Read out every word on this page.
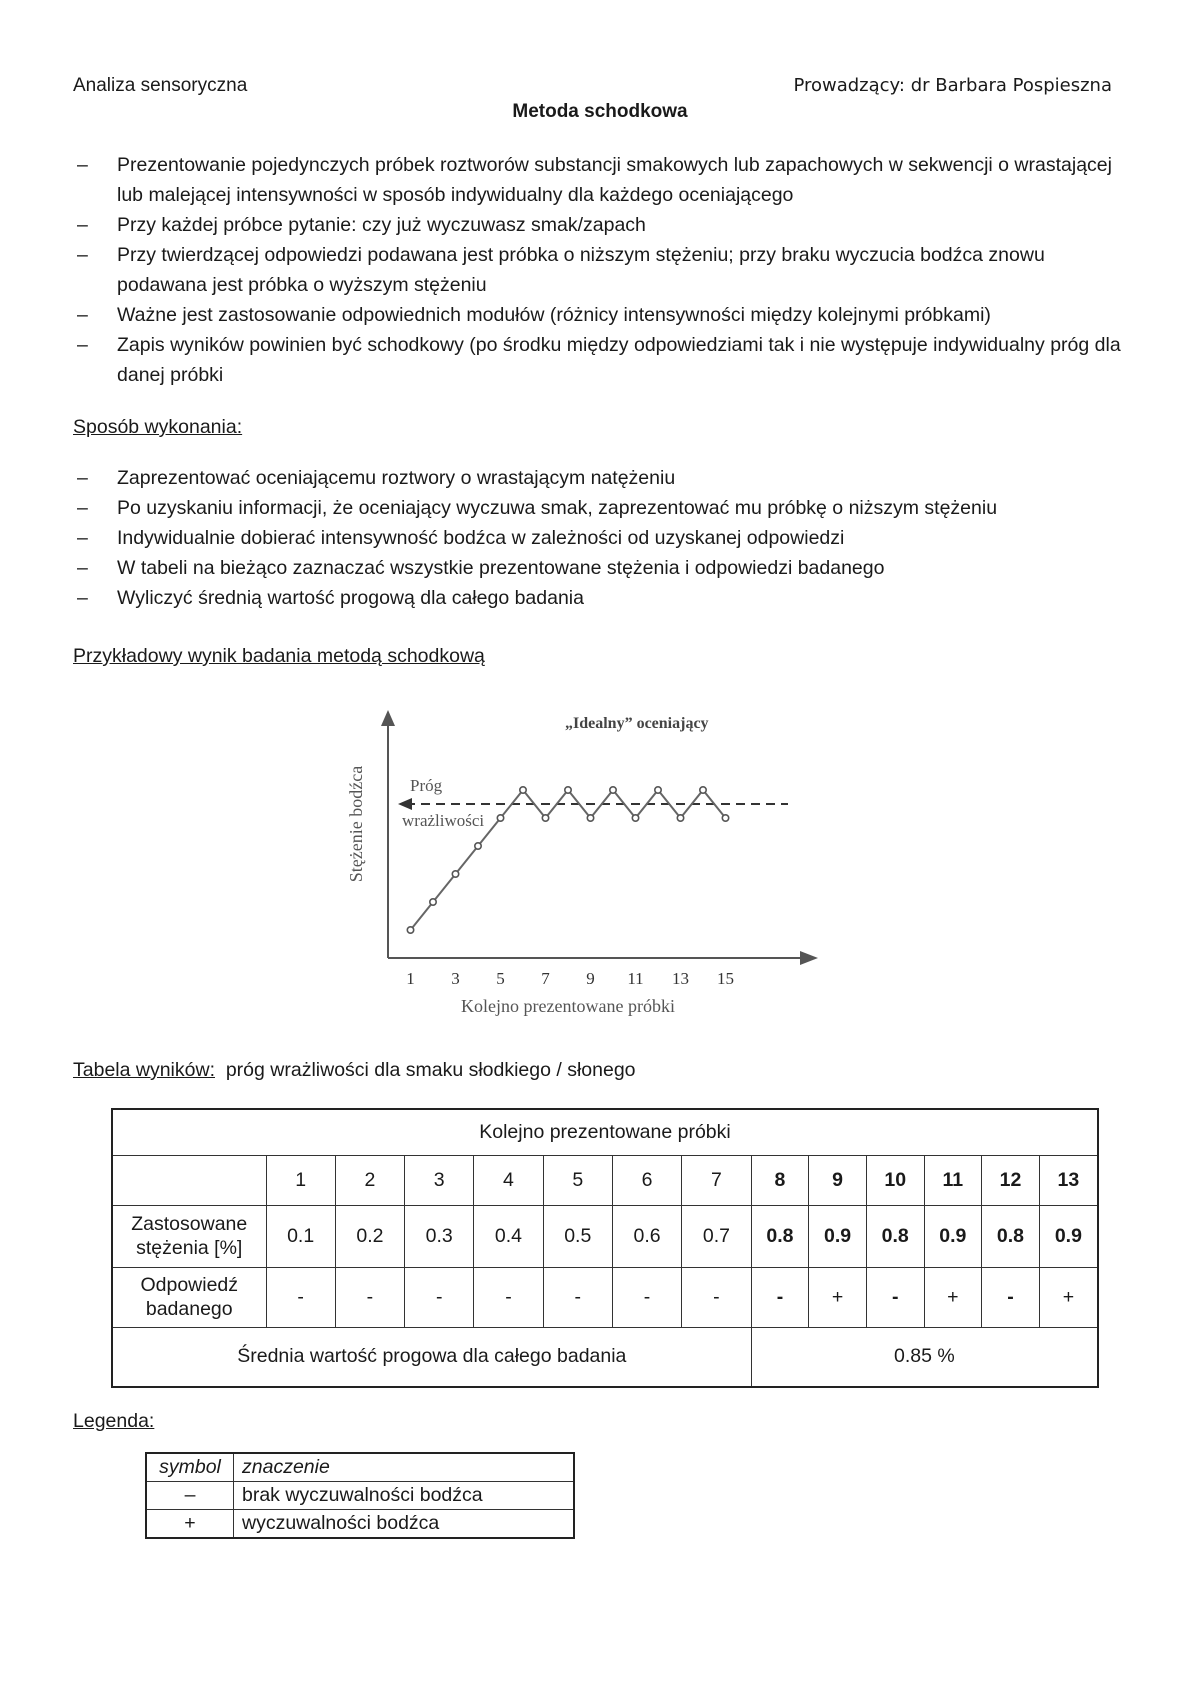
Analiza sensoryczna	Prowadzący: dr Barbara Pospieszna
Metoda schodkowa
– Prezentowanie pojedynczych próbek roztworów substancji smakowych lub zapachowych w sekwencji o wrastającej lub malejącej intensywności w sposób indywidualny dla każdego oceniającego
– Przy każdej próbce pytanie: czy już wyczuwasz smak/zapach
– Przy twierdzącej odpowiedzi podawana jest próbka o niższym stężeniu; przy braku wyczucia bodźca znowu podawana jest próbka o wyższym stężeniu
– Ważne jest zastosowanie odpowiednich modułów (różnicy intensywności między kolejnymi próbkami)
– Zapis wyników powinien być schodkowy (po środku między odpowiedziami tak i nie występuje indywidualny próg dla danej próbki
Sposób wykonania:
– Zaprezentować oceniającemu roztwory o wrastającym natężeniu
– Po uzyskaniu informacji, że oceniający wyczuwa smak, zaprezentować mu próbkę o niższym stężeniu
– Indywidualnie dobierać intensywność bodźca w zależności od uzyskanej odpowiedzi
– W tabeli na bieżąco zaznaczać wszystkie prezentowane stężenia i odpowiedzi badanego
– Wyliczyć średnią wartość progową dla całego badania
Przykładowy wynik badania metodą schodkową
Próg
wrażliwości
„Idealny” oceniający
1 3 5 7 9 11 13 15
Kolejno prezentowane próbki
Stężenie bodźca
Tabela wyników: próg wrażliwości dla smaku słodkiego / słonego
Kolejno prezentowane próbki													
	1	2	3	4	5	6	7	8	9	10	11	12	13
Zastosowane stężenia [%]	0.1	0.2	0.3	0.4	0.5	0.6	0.7	0.8	0.9	0.8	0.9	0.8	0.9
Odpowiedź badanego	-	-	-	-	-	-	-	-	+	-	+	-	+
Średnia wartość progowa dla całego badania								0.85 %					
Legenda:
symbol	znaczenie
–	brak wyczuwalności bodźca
+	wyczuwalności bodźca
